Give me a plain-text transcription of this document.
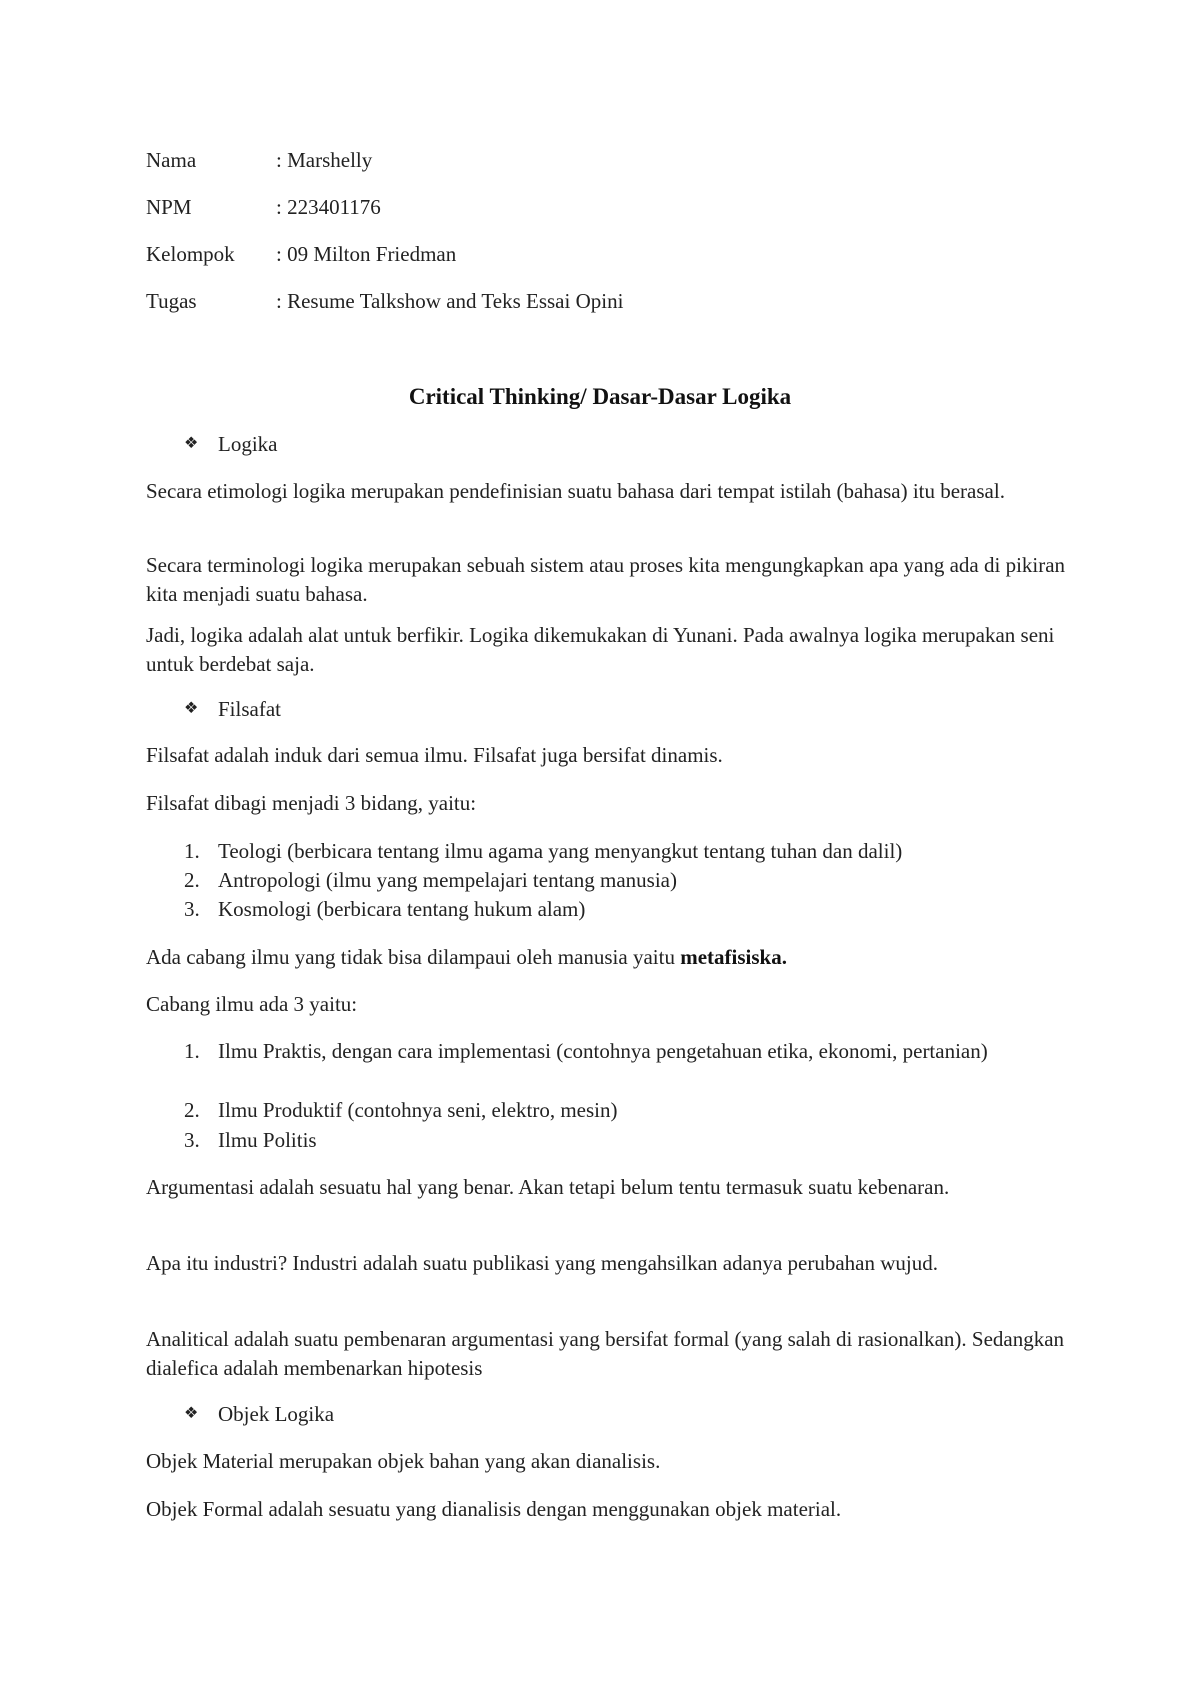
Nama	: Marshelly
NPM	: 223401176
Kelompok : 09 Milton Friedman
Tugas	: Resume Talkshow and Teks Essai Opini
Critical Thinking/ Dasar-Dasar Logika
❖ Logika
Secara etimologi logika merupakan pendefinisian suatu bahasa dari tempat istilah (bahasa) itu berasal.
Secara terminologi logika merupakan sebuah sistem atau proses kita mengungkapkan apa yang ada di pikiran kita menjadi suatu bahasa.
Jadi, logika adalah alat untuk berfikir. Logika dikemukakan di Yunani. Pada awalnya logika merupakan seni untuk berdebat saja.
❖ Filsafat
Filsafat adalah induk dari semua ilmu. Filsafat juga bersifat dinamis.
Filsafat dibagi menjadi 3 bidang, yaitu:
1. Teologi (berbicara tentang ilmu agama yang menyangkut tentang tuhan dan dalil)
2. Antropologi (ilmu yang mempelajari tentang manusia)
3. Kosmologi (berbicara tentang hukum alam)
Ada cabang ilmu yang tidak bisa dilampaui oleh manusia yaitu metafisiska.
Cabang ilmu ada 3 yaitu:
1. Ilmu Praktis, dengan cara implementasi (contohnya pengetahuan etika, ekonomi, pertanian)
2. Ilmu Produktif (contohnya seni, elektro, mesin)
3. Ilmu Politis
Argumentasi adalah sesuatu hal yang benar. Akan tetapi belum tentu termasuk suatu kebenaran.
Apa itu industri? Industri adalah suatu publikasi yang mengahsilkan adanya perubahan wujud.
Analitical adalah suatu pembenaran argumentasi yang bersifat formal (yang salah di rasionalkan). Sedangkan dialefica adalah membenarkan hipotesis
❖ Objek Logika
Objek Material merupakan objek bahan yang akan dianalisis.
Objek Formal adalah sesuatu yang dianalisis dengan menggunakan objek material.
